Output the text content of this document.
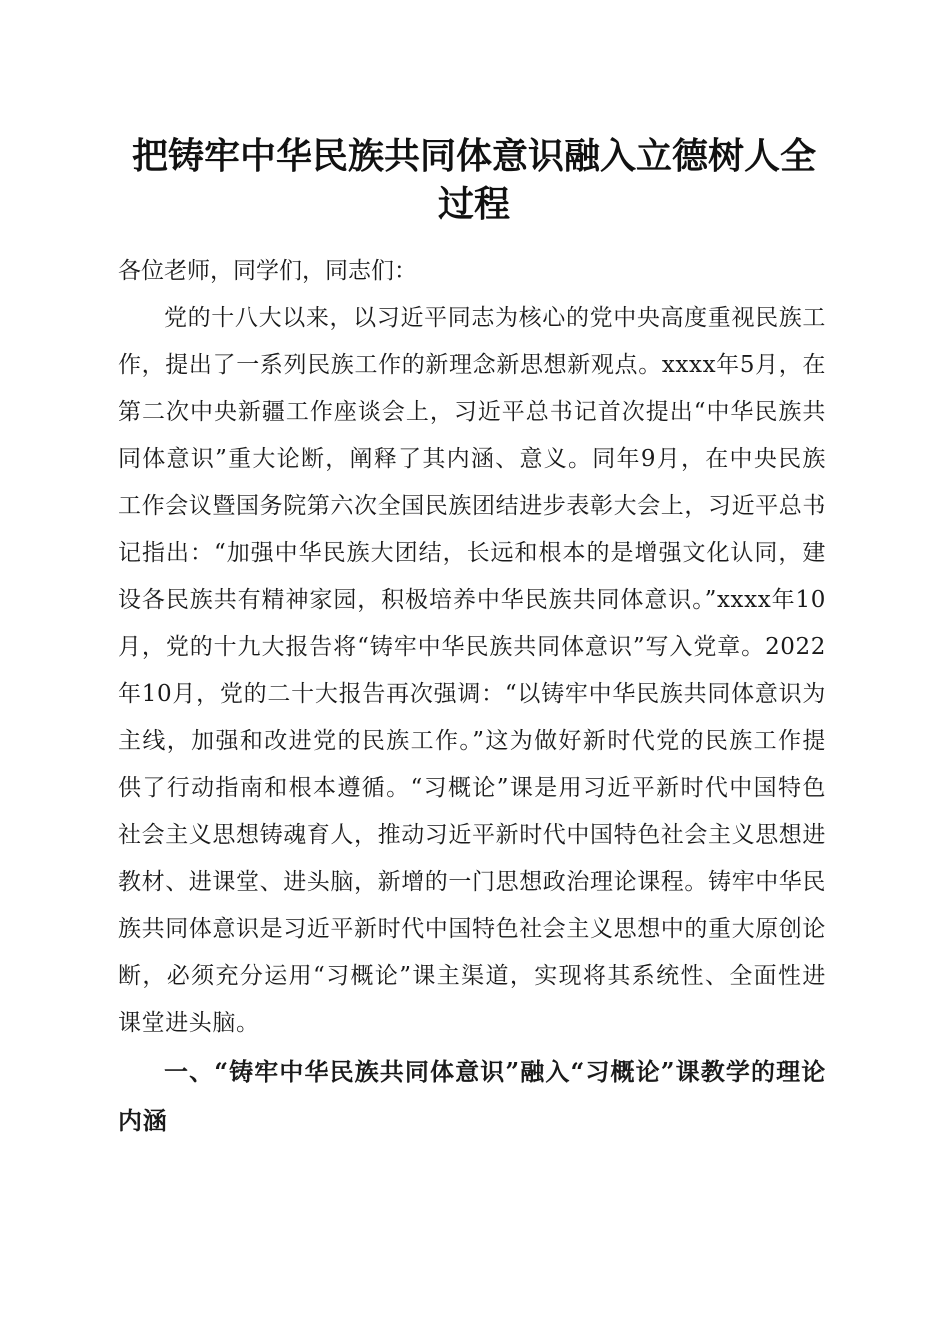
把铸牢中华民族共同体意识融入立德树人全过程

各位老师，同学们，同志们：

党的十八大以来，以习近平同志为核心的党中央高度重视民族工作，提出了一系列民族工作的新理念新思想新观点。xxxx年5月，在第二次中央新疆工作座谈会上，习近平总书记首次提出“中华民族共同体意识”重大论断，阐释了其内涵、意义。同年9月，在中央民族工作会议暨国务院第六次全国民族团结进步表彰大会上，习近平总书记指出：“加强中华民族大团结，长远和根本的是增强文化认同，建设各民族共有精神家园，积极培养中华民族共同体意识。”xxxx年10月，党的十九大报告将“铸牢中华民族共同体意识”写入党章。2022年10月，党的二十大报告再次强调：“以铸牢中华民族共同体意识为主线，加强和改进党的民族工作。”这为做好新时代党的民族工作提供了行动指南和根本遵循。“习概论”课是用习近平新时代中国特色社会主义思想铸魂育人，推动习近平新时代中国特色社会主义思想进教材、进课堂、进头脑，新增的一门思想政治理论课程。铸牢中华民族共同体意识是习近平新时代中国特色社会主义思想中的重大原创论断，必须充分运用“习概论”课主渠道，实现将其系统性、全面性进课堂进头脑。

一、“铸牢中华民族共同体意识”融入“习概论”课教学的理论内涵
